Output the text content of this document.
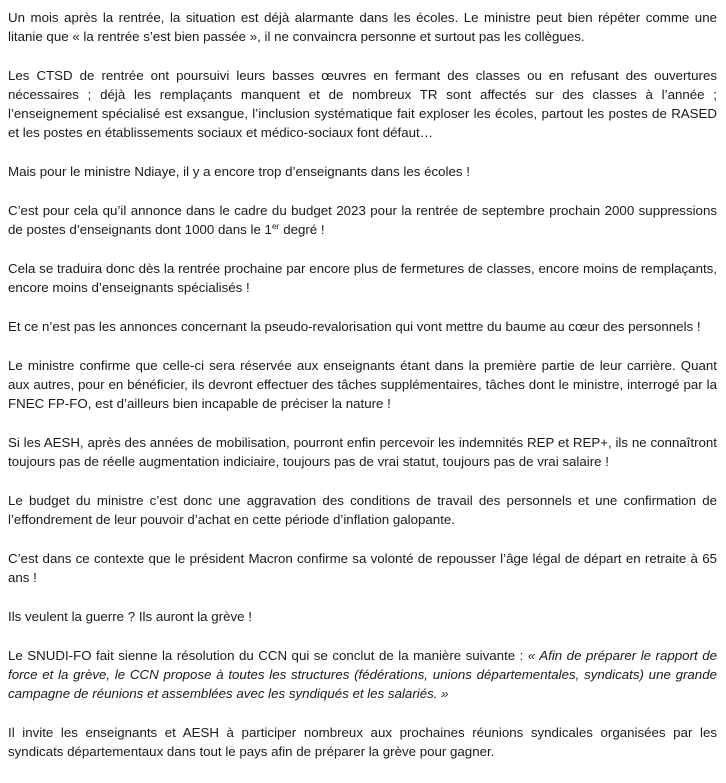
Un mois après la rentrée, la situation est déjà alarmante dans les écoles. Le ministre peut bien répéter comme une litanie que « la rentrée s’est bien passée », il ne convaincra personne et surtout pas les collègues.

Les CTSD de rentrée ont poursuivi leurs basses œuvres en fermant des classes ou en refusant des ouvertures nécessaires ; déjà les remplaçants manquent et de nombreux TR sont affectés sur des classes à l’année ; l’enseignement spécialisé est exsangue, l’inclusion systématique fait exploser les écoles, partout les postes de RASED et les postes en établissements sociaux et médico-sociaux font défaut…

Mais pour le ministre Ndiaye, il y a encore trop d’enseignants dans les écoles !

C’est pour cela qu’il annonce dans le cadre du budget 2023 pour la rentrée de septembre prochain 2000 suppressions de postes d’enseignants dont 1000 dans le 1er degré !

Cela se traduira donc dès la rentrée prochaine par encore plus de fermetures de classes, encore moins de remplaçants, encore moins d’enseignants spécialisés !

Et ce n’est pas les annonces concernant la pseudo-revalorisation qui vont mettre du baume au cœur des personnels !

Le ministre confirme que celle-ci sera réservée aux enseignants étant dans la première partie de leur carrière. Quant aux autres, pour en bénéficier, ils devront effectuer des tâches supplémentaires, tâches dont le ministre, interrogé par la FNEC FP-FO, est d’ailleurs bien incapable de préciser la nature !

Si les AESH, après des années de mobilisation, pourront enfin percevoir les indemnités REP et REP+, ils ne connaîtront toujours pas de réelle augmentation indiciaire, toujours pas de vrai statut, toujours pas de vrai salaire !

Le budget du ministre c’est donc une aggravation des conditions de travail des personnels et une confirmation de l’effondrement de leur pouvoir d’achat en cette période d’inflation galopante.

C’est dans ce contexte que le président Macron confirme sa volonté de repousser l’âge légal de départ en retraite à 65 ans !

Ils veulent la guerre ? Ils auront la grève !

Le SNUDI-FO fait sienne la résolution du CCN qui se conclut de la manière suivante : « Afin de préparer le rapport de force et la grève, le CCN propose à toutes les structures (fédérations, unions départementales, syndicats) une grande campagne de réunions et assemblées avec les syndiqués et les salariés. »

Il invite les enseignants et AESH à participer nombreux aux prochaines réunions syndicales organisées par les syndicats départementaux dans tout le pays afin de préparer la grève pour gagner.
